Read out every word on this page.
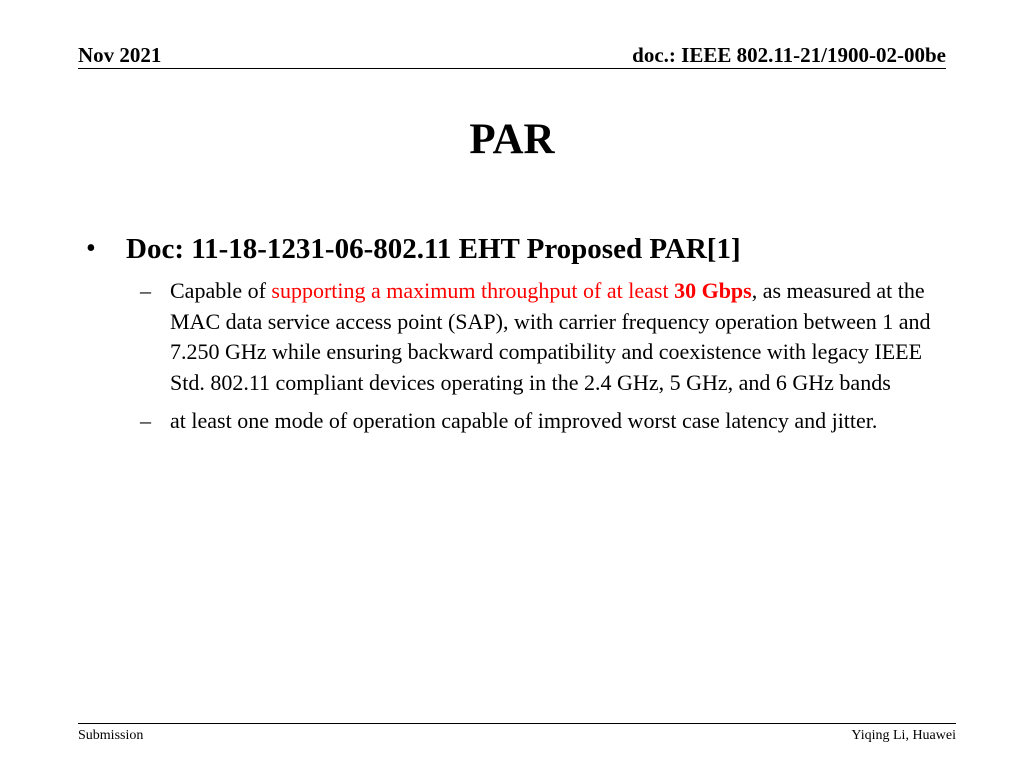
Nov 2021	doc.: IEEE 802.11-21/1900-02-00be
PAR
•	Doc: 11-18-1231-06-802.11 EHT Proposed PAR[1]
– Capable of supporting a maximum throughput of at least 30 Gbps, as measured at the MAC data service access point (SAP), with carrier frequency operation between 1 and 7.250 GHz while ensuring backward compatibility and coexistence with legacy IEEE Std. 802.11 compliant devices operating in the 2.4 GHz, 5 GHz, and 6 GHz bands
– at least one mode of operation capable of improved worst case latency and jitter.
Submission	Yiqing Li, Huawei
